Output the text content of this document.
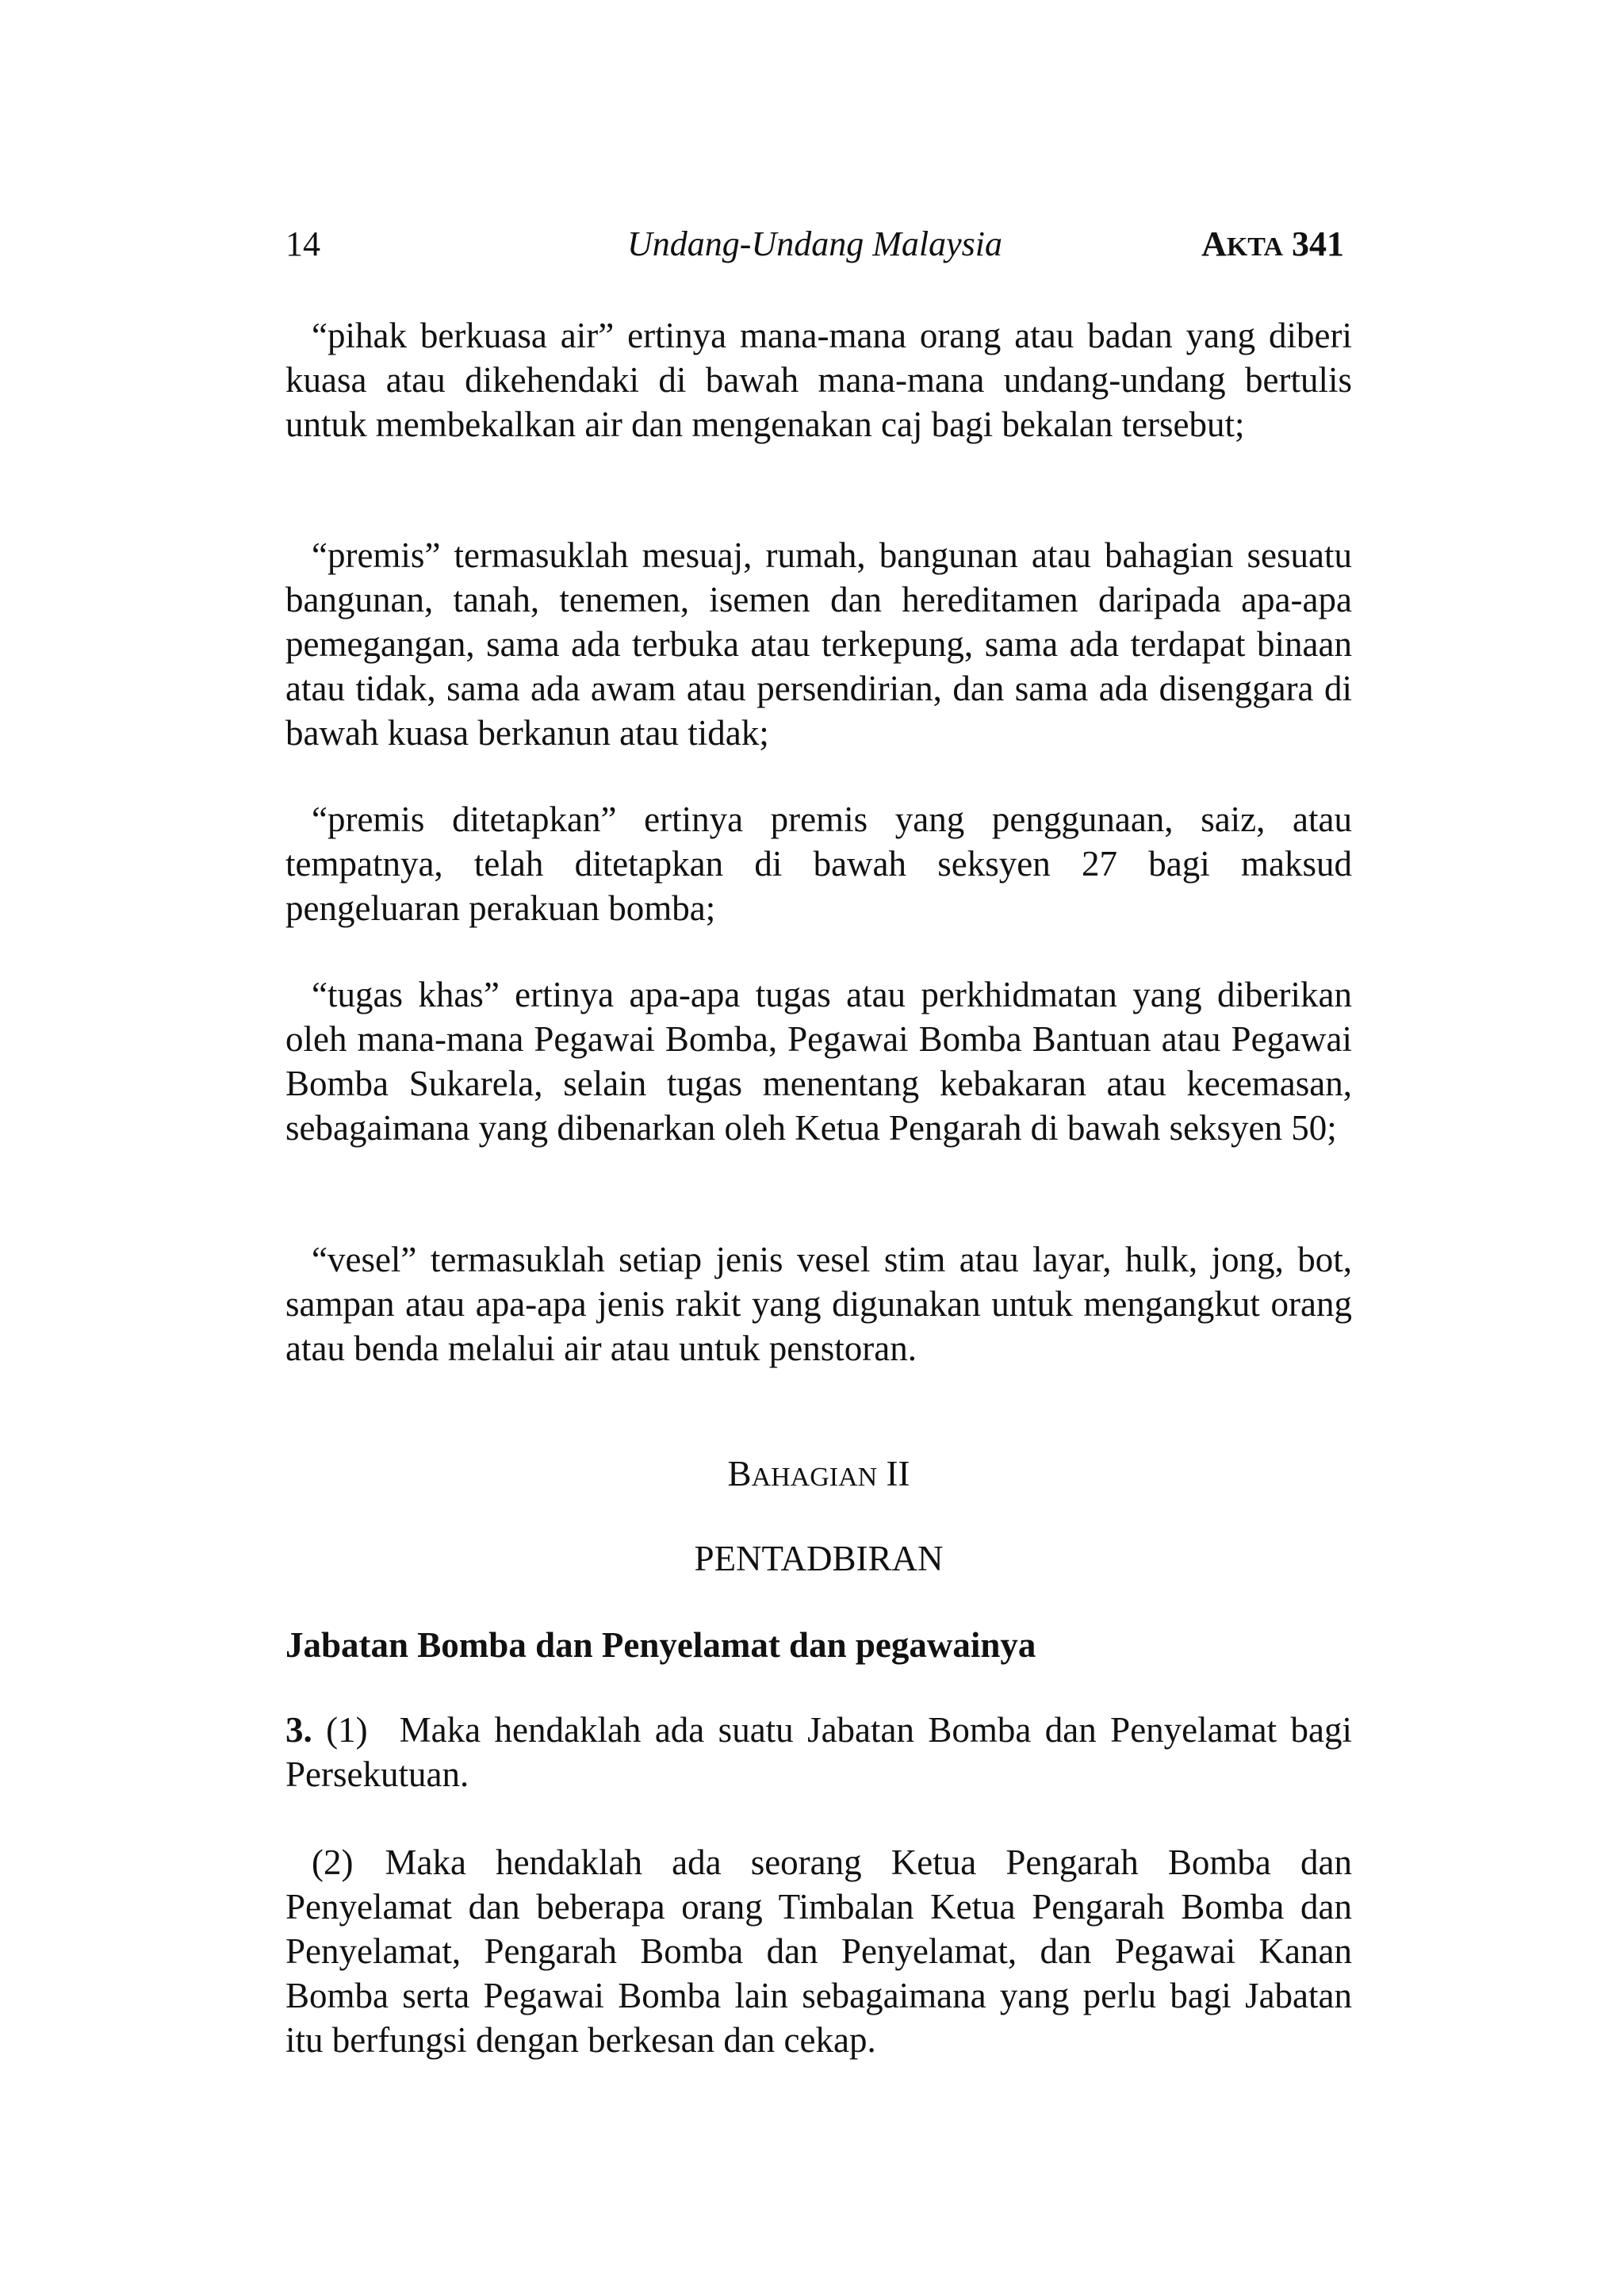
14	Undang-Undang Malaysia	AKTA 341

“pihak berkuasa air” ertinya mana-mana orang atau badan yang diberi kuasa atau dikehendaki di bawah mana-mana undang-undang bertulis untuk membekalkan air dan mengenakan caj bagi bekalan tersebut;

“premis” termasuklah mesuaj, rumah, bangunan atau bahagian sesuatu bangunan, tanah, tenemen, isemen dan hereditamen daripada apa-apa pemegangan, sama ada terbuka atau terkepung, sama ada terdapat binaan atau tidak, sama ada awam atau persendirian, dan sama ada disenggara di bawah kuasa berkanun atau tidak;

“premis ditetapkan” ertinya premis yang penggunaan, saiz, atau tempatnya, telah ditetapkan di bawah seksyen 27 bagi maksud pengeluaran perakuan bomba;

“tugas khas” ertinya apa-apa tugas atau perkhidmatan yang diberikan oleh mana-mana Pegawai Bomba, Pegawai Bomba Bantuan atau Pegawai Bomba Sukarela, selain tugas menentang kebakaran atau kecemasan, sebagaimana yang dibenarkan oleh Ketua Pengarah di bawah seksyen 50;

“vesel” termasuklah setiap jenis vesel stim atau layar, hulk, jong, bot, sampan atau apa-apa jenis rakit yang digunakan untuk mengangkut orang atau benda melalui air atau untuk penstoran.

BAHAGIAN II
PENTADBIRAN
Jabatan Bomba dan Penyelamat dan pegawainya

3. (1) Maka hendaklah ada suatu Jabatan Bomba dan Penyelamat bagi Persekutuan.

(2) Maka hendaklah ada seorang Ketua Pengarah Bomba dan Penyelamat dan beberapa orang Timbalan Ketua Pengarah Bomba dan Penyelamat, Pengarah Bomba dan Penyelamat, dan Pegawai Kanan Bomba serta Pegawai Bomba lain sebagaimana yang perlu bagi Jabatan itu berfungsi dengan berkesan dan cekap.
